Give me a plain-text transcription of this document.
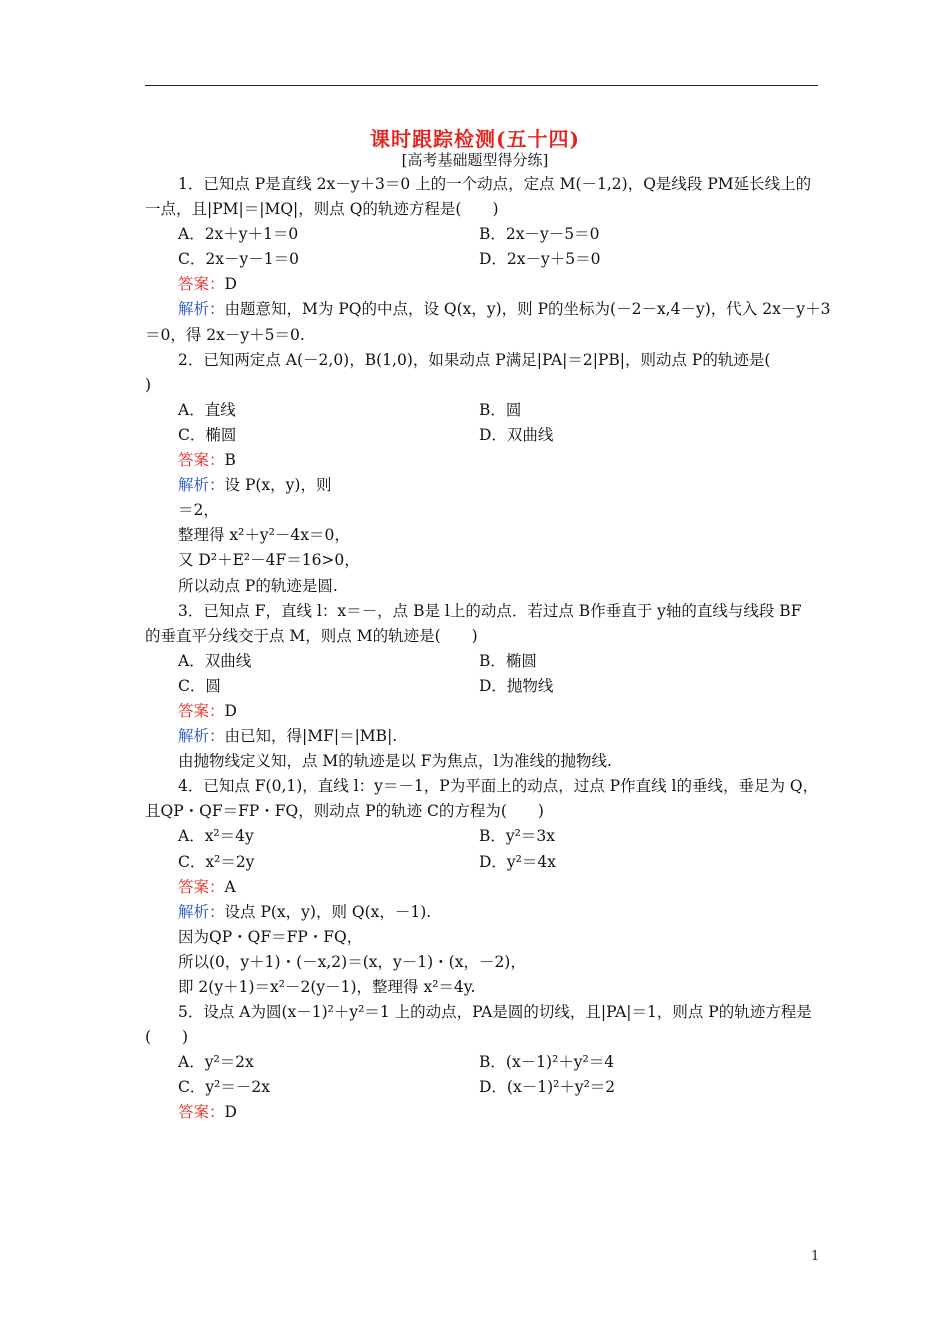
课时跟踪检测(五十四)
[高考基础题型得分练]
1．已知点 P是直线 2x－y＋3＝0 上的一个动点，定点 M(－1,2)，Q是线段 PM延长线上的
一点，且|PM|＝|MQ|，则点 Q的轨迹方程是(　　)
A．2x＋y＋1＝0	B．2x－y－5＝0
C．2x－y－1＝0	D．2x－y＋5＝0
答案：D
解析：由题意知，M为 PQ的中点，设 Q(x，y)，则 P的坐标为(－2－x,4－y)，代入 2x－y＋3
＝0，得 2x－y＋5＝0.
2．已知两定点 A(－2,0)，B(1,0)，如果动点 P满足|PA|＝2|PB|，则动点 P的轨迹是(
)
A．直线	B．圆
C．椭圆	D．双曲线
答案：B
解析：设 P(x，y)，则
＝2，
整理得 x²＋y²－4x＝0，
又 D²＋E²－4F＝16>0，
所以动点 P的轨迹是圆.
3．已知点 F，直线 l：x＝－，点 B是 l上的动点．若过点 B作垂直于 y轴的直线与线段 BF
的垂直平分线交于点 M，则点 M的轨迹是(　　)
A．双曲线	B．椭圆
C．圆	D．抛物线
答案：D
解析：由已知，得|MF|＝|MB|.
由抛物线定义知，点 M的轨迹是以 F为焦点，l为准线的抛物线.
4．已知点 F(0,1)，直线 l：y＝－1，P为平面上的动点，过点 P作直线 l的垂线，垂足为 Q，
且QP・QF＝FP・FQ，则动点 P的轨迹 C的方程为(　　)
A．x²＝4y	B．y²＝3x
C．x²＝2y	D．y²＝4x
答案：A
解析：设点 P(x，y)，则 Q(x，－1).
因为QP・QF＝FP・FQ，
所以(0，y＋1)・(－x,2)＝(x，y－1)・(x，－2)，
即 2(y＋1)＝x²－2(y－1)，整理得 x²＝4y.
5．设点 A为圆(x－1)²＋y²＝1 上的动点，PA是圆的切线，且|PA|＝1，则点 P的轨迹方程是
(　　)
A．y²＝2x	B．(x－1)²＋y²＝4
C．y²＝－2x	D．(x－1)²＋y²＝2
答案：D
1
